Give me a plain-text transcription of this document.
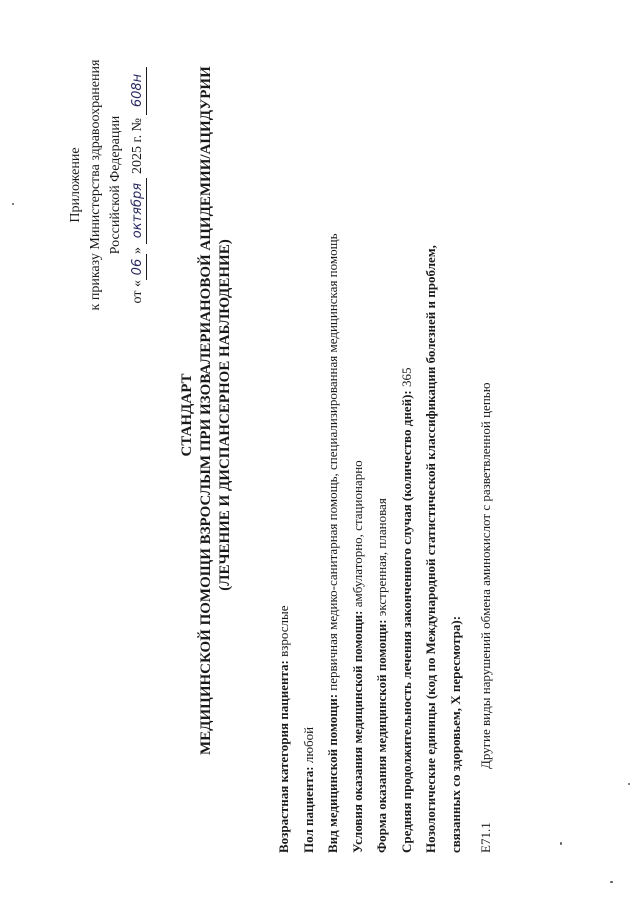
Приложение к приказу Министерства здравоохранения Российской Федерации
от «06» октября 2025 г. № 608н
СТАНДАРТ МЕДИЦИНСКОЙ ПОМОЩИ ВЗРОСЛЫМ ПРИ ИЗОВАЛЕРИАНОВОЙ АЦИДЕМИИ/АЦИДУРИИ (ЛЕЧЕНИЕ И ДИСПАНСЕРНОЕ НАБЛЮДЕНИЕ)
Возрастная категория пациента: взрослые
Пол пациента: любой Вид медицинской помощи: первичная медико-санитарная помощь, специализированная медицинская помощь
Условия оказания медицинской помощи: амбулаторно, стационарно
Форма оказания медицинской помощи: экстренная, плановая Средняя продолжительность лечения законченного случая (количество дней): 365 Нозологические единицы (код по Международной статистической классификации болезней и проблем, связанных со здоровьем, X пересмотра):	E71.1
Другие виды нарушений обмена аминокислот с разветвленной цепью
